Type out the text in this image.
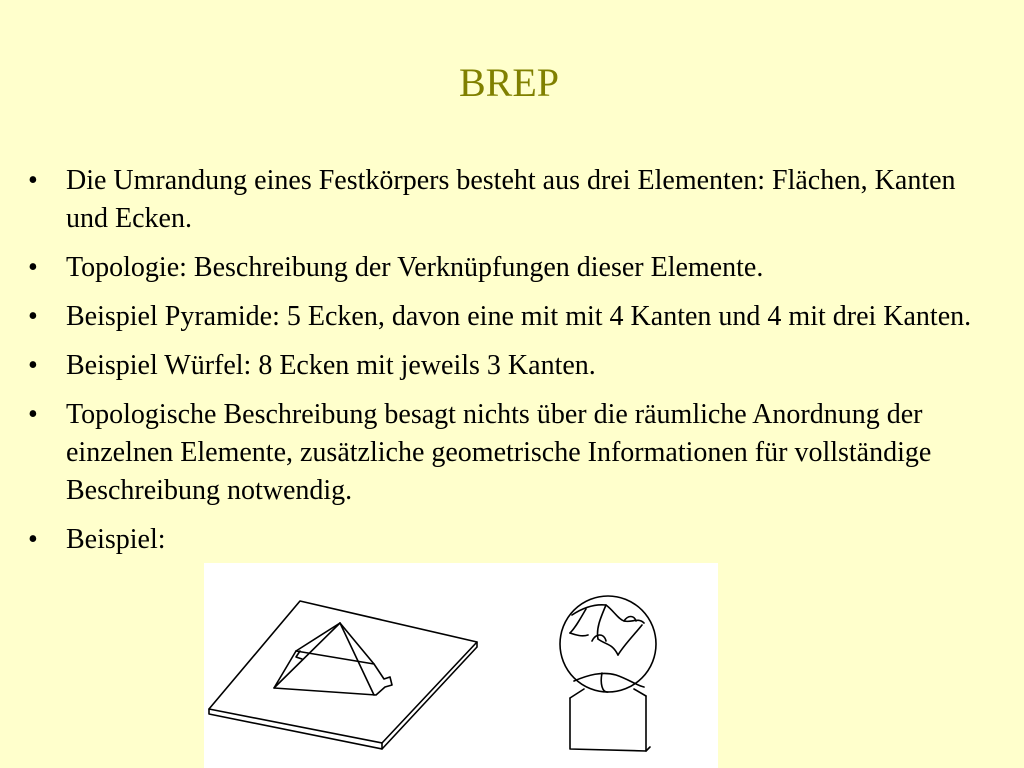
BREP
•	Die Umrandung eines Festkörpers besteht aus drei Elementen: Flächen, Kanten und Ecken.
•	Topologie: Beschreibung der Verknüpfungen dieser Elemente.
•	Beispiel Pyramide: 5 Ecken, davon eine mit mit 4 Kanten und 4 mit drei Kanten.
•	Beispiel Würfel: 8 Ecken mit jeweils 3 Kanten.
•	Topologische Beschreibung besagt nichts über die räumliche Anordnung der einzelnen Elemente, zusätzliche geometrische Informationen für vollständige Beschreibung notwendig.
•	Beispiel:
